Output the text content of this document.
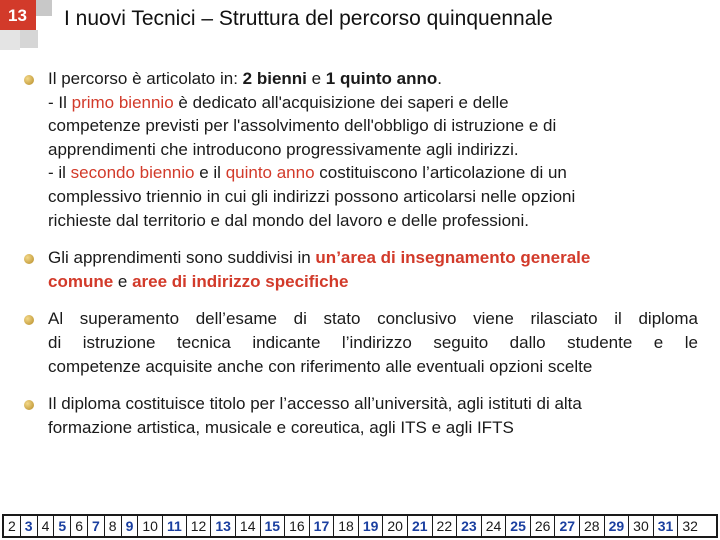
13 I nuovi Tecnici – Struttura del percorso quinquennale
Il percorso è articolato in: 2 bienni e 1 quinto anno.
- Il primo biennio è dedicato all'acquisizione dei saperi e delle
competenze previsti per l'assolvimento dell'obbligo di istruzione e di
apprendimenti che introducono progressivamente agli indirizzi.
- il secondo biennio e il quinto anno costituiscono l’articolazione di un
complessivo triennio in cui gli indirizzi possono articolarsi nelle opzioni
richieste dal territorio e dal mondo del lavoro e delle professioni.
Gli apprendimenti sono suddivisi in un’area di insegnamento generale
comune e aree di indirizzo specifiche
Al superamento dell’esame di stato conclusivo viene rilasciato il diploma
di istruzione tecnica indicante l’indirizzo seguito dallo studente e le
competenze acquisite anche con riferimento alle eventuali opzioni scelte
Il diploma costituisce titolo per l’accesso all’università, agli istituti di alta
formazione artistica, musicale e coreutica, agli ITS e agli IFTS
2 3 4 5 6 7 8 9 10 11 12 13 14 15 16 17 18 19 20 21 22 23 24 25 26 27 28 29 30 31 32
